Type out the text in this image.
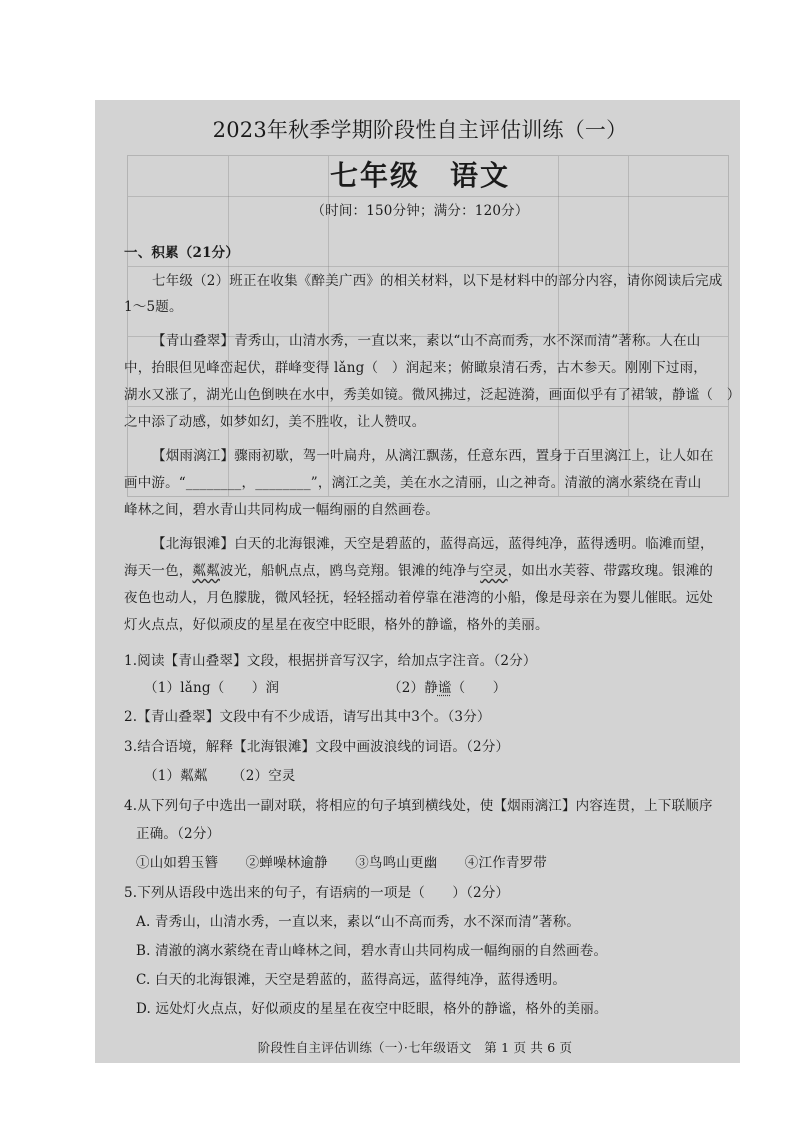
2023年秋季学期阶段性自主评估训练（一）
七年级　语文
（时间：150分钟；满分：120分）
一、积累（21分）
七年级（2）班正在收集《醉美广西》的相关材料，以下是材料中的部分内容，请你阅读后完成
1～5题。
【青山叠翠】青秀山，山清水秀，一直以来，素以“山不高而秀，水不深而清”著称。人在山
中，抬眼但见峰峦起伏，群峰变得 lǎng（　）润起来；俯瞰泉清石秀，古木参天。刚刚下过雨，
湖水又涨了，湖光山色倒映在水中，秀美如镜。微风拂过，泛起涟漪，画面似乎有了裙皱，静谧（　）
之中添了动感，如梦如幻，美不胜收，让人赞叹。
【烟雨漓江】骤雨初歇，驾一叶扁舟，从漓江飘荡，任意东西，置身于百里漓江上，让人如在
画中游。“________，________”，漓江之美，美在水之清丽，山之神奇。清澈的漓水萦绕在青山
峰林之间，碧水青山共同构成一幅绚丽的自然画卷。
【北海银滩】白天的北海银滩，天空是碧蓝的，蓝得高远，蓝得纯净，蓝得透明。临滩而望，
海天一色，粼粼波光，船帆点点，鸥鸟竞翔。银滩的纯净与空灵，如出水芙蓉、带露玫瑰。银滩的
夜色也动人，月色朦胧，微风轻抚，轻轻摇动着停靠在港湾的小船，像是母亲在为婴儿催眠。远处
灯火点点，好似顽皮的星星在夜空中眨眼，格外的静谧，格外的美丽。
1.阅读【青山叠翠】文段，根据拼音写汉字，给加点字注音。（2分）
（1）lǎng（　　）润	（2）静谧（　　）
2.【青山叠翠】文段中有不少成语，请写出其中3个。（3分）
3.结合语境，解释【北海银滩】文段中画波浪线的词语。（2分）
（1）粼粼 （2）空灵
4.从下列句子中选出一副对联，将相应的句子填到横线处，使【烟雨漓江】内容连贯，上下联顺序
正确。（2分）
①山如碧玉簪　　②蝉噪林逾静　　③鸟鸣山更幽　　④江作青罗带
5.下列从语段中选出来的句子，有语病的一项是（　　）（2分）
A. 青秀山，山清水秀，一直以来，素以“山不高而秀，水不深而清”著称。
B. 清澈的漓水萦绕在青山峰林之间，碧水青山共同构成一幅绚丽的自然画卷。
C. 白天的北海银滩，天空是碧蓝的，蓝得高远，蓝得纯净，蓝得透明。
D. 远处灯火点点，好似顽皮的星星在夜空中眨眼，格外的静谧，格外的美丽。
阶段性自主评估训练（一）·七年级语文　第 1 页 共 6 页
